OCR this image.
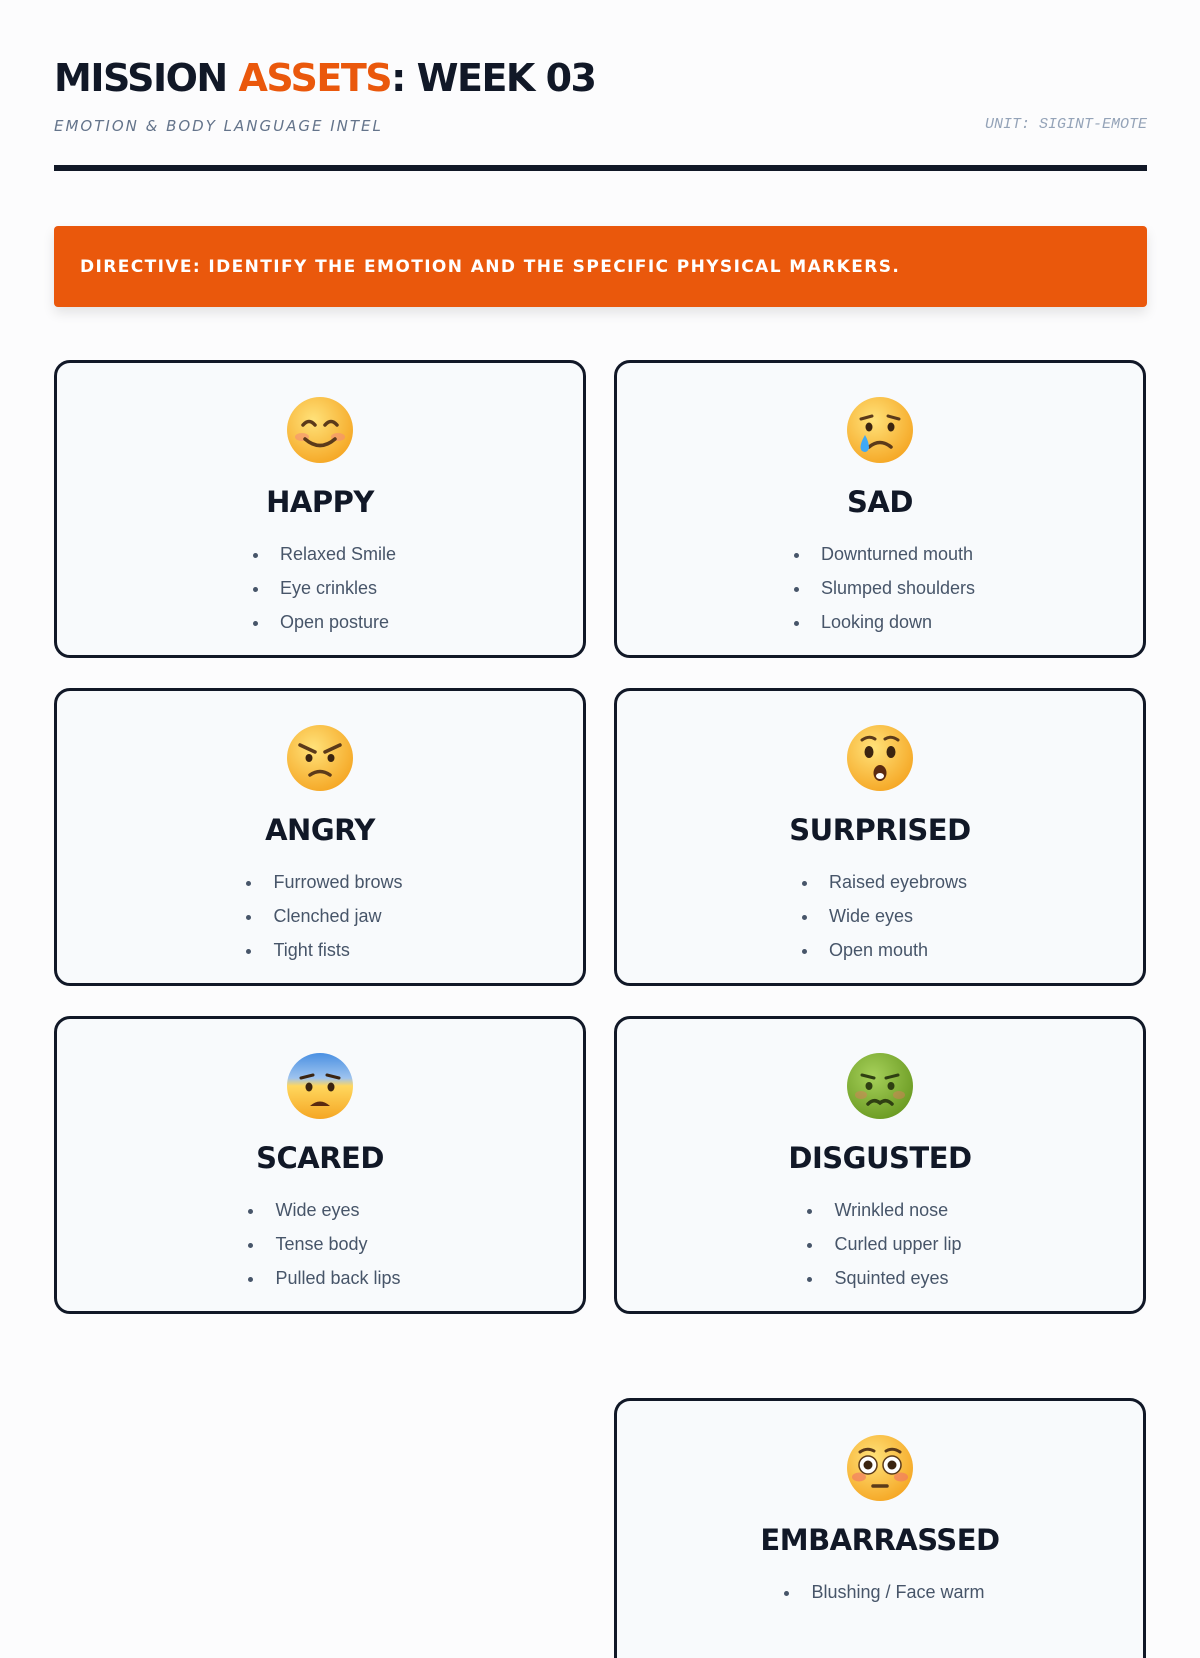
MISSION ASSETS: WEEK 03
EMOTION & BODY LANGUAGE INTEL	UNIT: SIGINT-EMOTE
DIRECTIVE: IDENTIFY THE EMOTION AND THE SPECIFIC PHYSICAL MARKERS.
HAPPY
• Relaxed Smile
• Eye crinkles
• Open posture
SAD
• Downturned mouth
• Slumped shoulders
• Looking down
ANGRY
• Furrowed brows
• Clenched jaw
• Tight fists
SURPRISED
• Raised eyebrows
• Wide eyes
• Open mouth
SCARED
• Wide eyes
• Tense body
• Pulled back lips
DISGUSTED
• Wrinkled nose
• Curled upper lip
• Squinted eyes
EMBARRASSED
• Blushing / Face warm
